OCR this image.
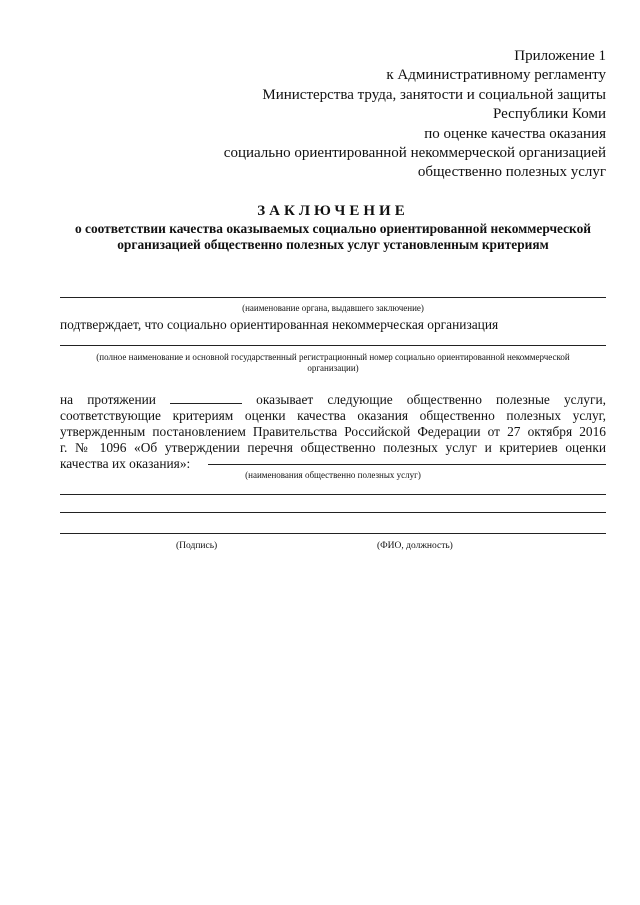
Приложение 1
к Административному регламенту
Министерства труда, занятости и социальной защиты
Республики Коми
по оценке качества оказания
социально ориентированной некоммерческой организацией
общественно полезных услуг
ЗАКЛЮЧЕНИЕ
о соответствии качества оказываемых социально ориентированной некоммерческой
организацией общественно полезных услуг установленным критериям
(наименование органа, выдавшего заключение)
подтверждает, что социально ориентированная некоммерческая организация
(полное наименование и основной государственный регистрационный номер социально ориентированной некоммерческой
организации)
на протяжении	оказывает следующие общественно полезные услуги,
соответствующие критериям оценки качества оказания общественно полезных услуг,
утвержденным постановлением Правительства Российской Федерации от 27 октября 2016
г. № 1096 «Об утверждении перечня общественно полезных услуг и критериев оценки
качества их оказания»:
(наименования общественно полезных услуг)
(Подпись)	(ФИО, должность)
